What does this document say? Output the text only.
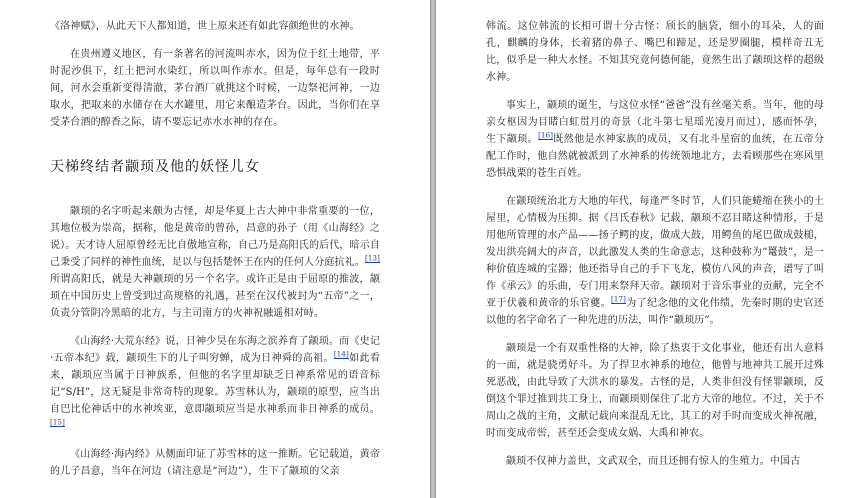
《洛神赋》，从此天下人都知道，世上原来还有如此容颜绝世的水神。

在贵州遵义地区，有一条著名的河流叫赤水，因为位于红土地带，平时泥沙俱下，红土把河水染红，所以叫作赤水。但是，每年总有一段时间，河水会重新变得清澈，茅台酒厂就挑这个时候，一边祭祀河神，一边取水，把取来的水储存在大水罐里，用它来酿造茅台。因此，当你们在享受茅台酒的醇香之际，请不要忘记赤水水神的存在。

天梯终结者颛顼及他的妖怪儿女

颛顼的名字听起来颇为古怪，却是华夏上古大神中非常重要的一位，其地位极为崇高，据称，他是黄帝的曾孙，昌意的孙子（用《山海经》之说）。天才诗人屈原曾经无比自傲地宣称，自己乃是高阳氏的后代，暗示自己秉受了同样的神性血统，足以与包括楚怀王在内的任何人分庭抗礼。[13]所谓高阳氏，就是大神颛顼的另一个名字。或许正是由于屈原的推波，颛顼在中国历史上曾受到过高规格的礼遇，甚至在汉代被封为“五帝”之一，负责分管阴冷黑暗的北方，与主司南方的火神祝融遥相对峙。

《山海经·大荒东经》说，日神少昊在东海之滨养育了颛顼。而《史记·五帝本纪》载，颛顼生下的儿子叫穷蝉，成为日神舜的高祖。[14]如此看来，颛顼应当属于日神族系，但他的名字里却缺乏日神系常见的语音标记“S/H”，这无疑是非常奇特的现象。苏雪林认为，颛顼的原型，应当出自巴比伦神话中的水神埃亚，意即颛顼应当是水神系而非日神系的成员。[15]

《山海经·海内经》从侧面印证了苏雪林的这一推断。它记载道，黄帝的儿子昌意，当年在河边（请注意是“河边”），生下了颛顼的父亲

韩流。这位韩流的长相可谓十分古怪：颀长的脑袋，细小的耳朵，人的面孔，麒麟的身体，长着猪的鼻子、嘴巴和蹄足，还是罗圈腿，模样奇丑无比，似乎是一种大水怪。不知其究竟何德何能，竟然生出了颛顼这样的超级水神。

事实上，颛顼的诞生，与这位水怪“爸爸”没有丝毫关系。当年，他的母亲女枢因为目睹白虹贯月的奇景（北斗第七星瑶光凌月而过），感而怀孕，生下颛顼。[16]既然他是水神家族的成员，又有北斗星宿的血统，在五帝分配工作时，他自然就被派到了水神系的传统领地北方，去看顾那些在寒风里恐惧战栗的苍生百姓。

在颛顼统治北方大地的年代，每逢严冬时节，人们只能蜷缩在狭小的土屋里，心情极为压抑。据《吕氏春秋》记载，颛顼不忍目睹这种情形，于是用他所管理的水产品——扬子鳄的皮，做成大鼓，用鳄鱼的尾巴做成鼓槌，发出洪亮阔大的声音，以此激发人类的生命意志，这种鼓称为“鼍鼓”，是一种价值连城的宝器；他还指导自己的手下飞龙，模仿八风的声音，谱写了叫作《承云》的乐曲，专门用来祭拜天帝。颛顼对于音乐事业的贡献，完全不亚于伏羲和黄帝的乐官夔。[17]为了纪念他的文化伟绩，先秦时期的史官还以他的名字命名了一种先进的历法，叫作“颛顼历”。

颛顼是一个有双重性格的大神，除了热衷于文化事业，他还有出人意料的一面，就是骁勇好斗。为了捍卫水神系的地位，他曾与地神共工展开过殊死恶战，由此导致了大洪水的暴发。古怪的是，人类非但没有怪罪颛顼，反倒这个罪过推到共工身上，而颛顼则保住了北方大帝的地位。不过，关于不周山之战的主角，文献记载向来混乱无比，其工的对手时而变成火神祝融，时而变成帝喾，甚至还会变成女娲、大禹和神农。

颛顼不仅神力盖世，文武双全，而且还拥有惊人的生殖力。中国古
